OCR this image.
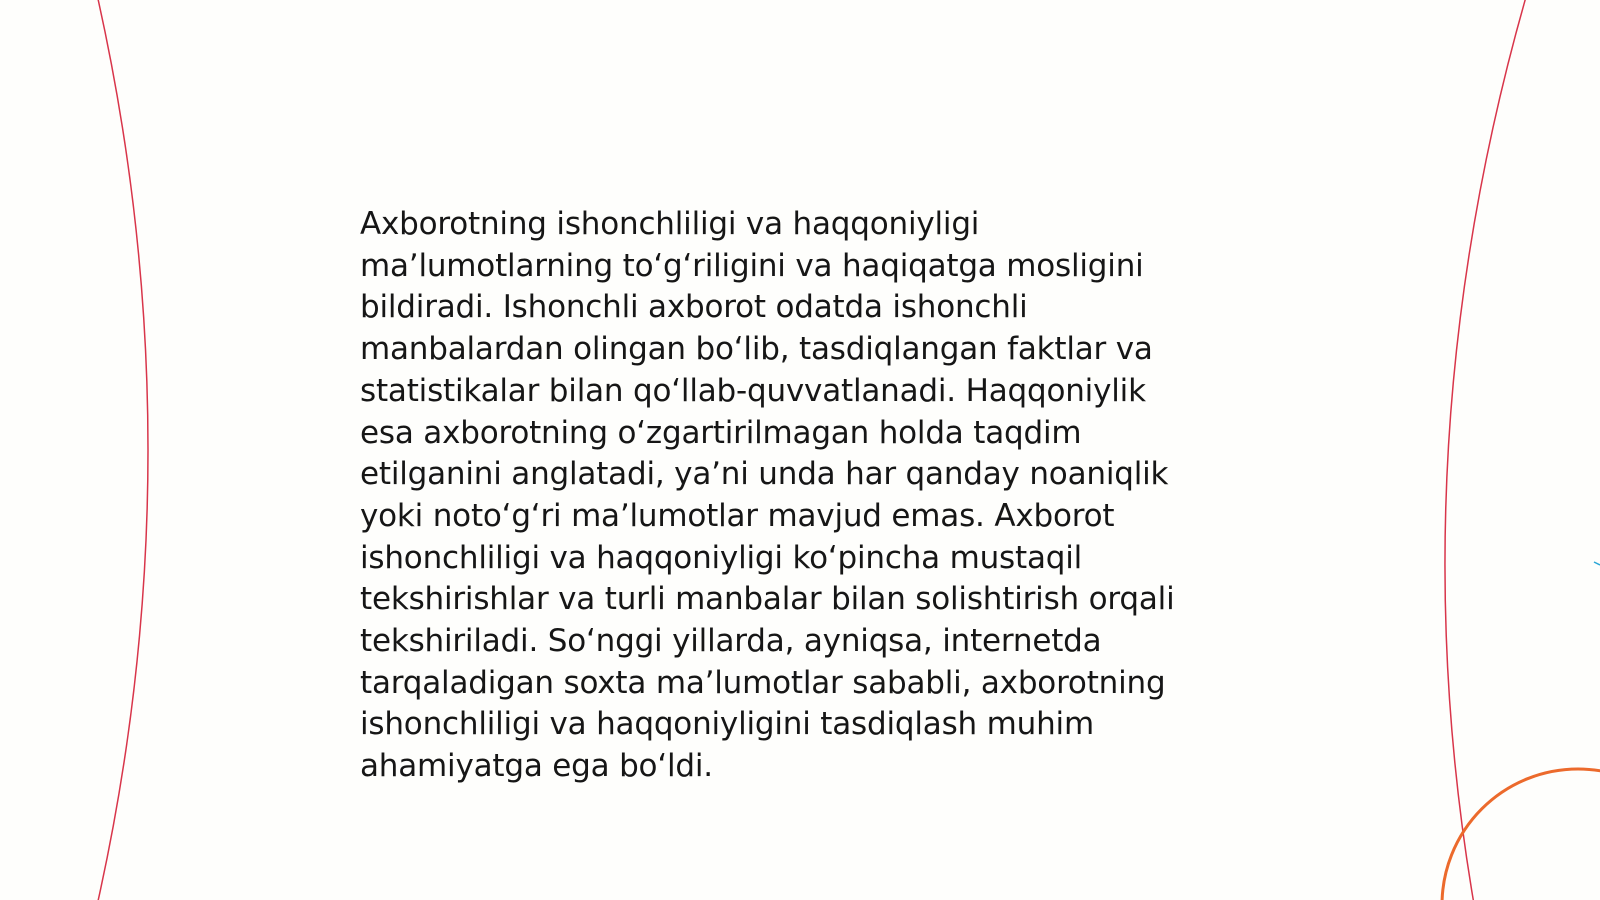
Axborotning ishonchliligi va haqqoniyligi
ma’lumotlarning to‘g‘riligini va haqiqatga mosligini
bildiradi. Ishonchli axborot odatda ishonchli
manbalardan olingan bo‘lib, tasdiqlangan faktlar va
statistikalar bilan qo‘llab-quvvatlanadi. Haqqoniylik
esa axborotning o‘zgartirilmagan holda taqdim
etilganini anglatadi, ya’ni unda har qanday noaniqlik
yoki noto‘g‘ri ma’lumotlar mavjud emas. Axborot
ishonchliligi va haqqoniyligi ko‘pincha mustaqil
tekshirishlar va turli manbalar bilan solishtirish orqali
tekshiriladi. So‘nggi yillarda, ayniqsa, internetda
tarqaladigan soxta ma’lumotlar sababli, axborotning
ishonchliligi va haqqoniyligini tasdiqlash muhim
ahamiyatga ega bo‘ldi.
